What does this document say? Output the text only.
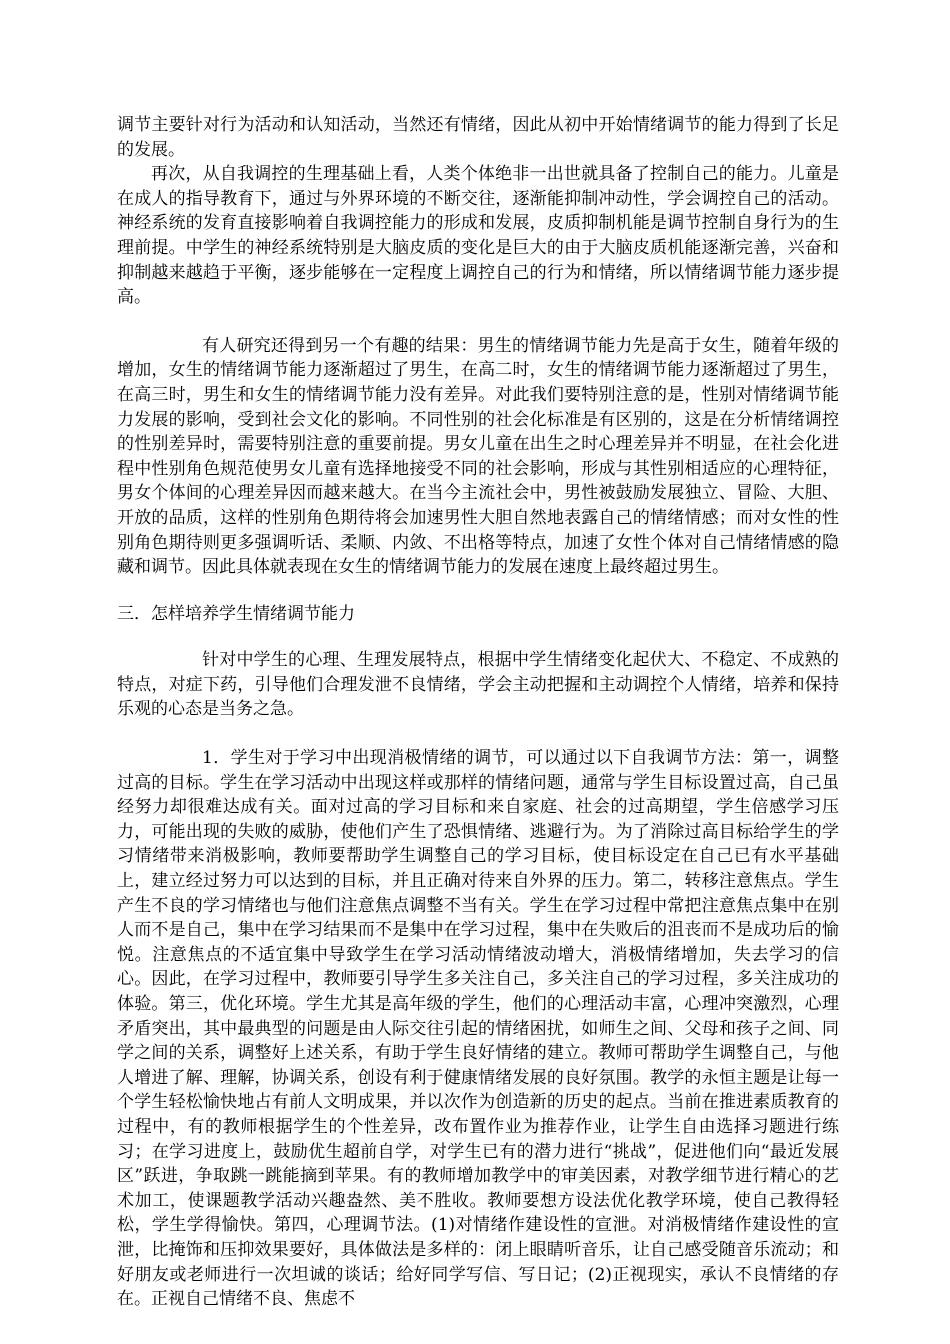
调节主要针对行为活动和认知活动，当然还有情绪，因此从初中开始情绪调节的能力得到了长足的发展。

再次，从自我调控的生理基础上看，人类个体绝非一出世就具备了控制自己的能力。儿童是在成人的指导教育下，通过与外界环境的不断交往，逐渐能抑制冲动性，学会调控自己的活动。神经系统的发育直接影响着自我调控能力的形成和发展，皮质抑制机能是调节控制自身行为的生理前提。中学生的神经系统特别是大脑皮质的变化是巨大的由于大脑皮质机能逐渐完善，兴奋和抑制越来越趋于平衡，逐步能够在一定程度上调控自己的行为和情绪，所以情绪调节能力逐步提高。

有人研究还得到另一个有趣的结果：男生的情绪调节能力先是高于女生，随着年级的增加，女生的情绪调节能力逐渐超过了男生，在高二时，女生的情绪调节能力逐渐超过了男生，在高三时，男生和女生的情绪调节能力没有差异。对此我们要特别注意的是，性别对情绪调节能力发展的影响，受到社会文化的影响。不同性别的社会化标准是有区别的，这是在分析情绪调控的性别差异时，需要特别注意的重要前提。男女儿童在出生之时心理差异并不明显，在社会化进程中性别角色规范使男女儿童有选择地接受不同的社会影响，形成与其性别相适应的心理特征，男女个体间的心理差异因而越来越大。在当今主流社会中，男性被鼓励发展独立、冒险、大胆、开放的品质，这样的性别角色期待将会加速男性大胆自然地表露自己的情绪情感；而对女性的性别角色期待则更多强调听话、柔顺、内敛、不出格等特点，加速了女性个体对自己情绪情感的隐藏和调节。因此具体就表现在女生的情绪调节能力的发展在速度上最终超过男生。

三．怎样培养学生情绪调节能力

针对中学生的心理、生理发展特点，根据中学生情绪变化起伏大、不稳定、不成熟的特点，对症下药，引导他们合理发泄不良情绪，学会主动把握和主动调控个人情绪，培养和保持乐观的心态是当务之急。

1．学生对于学习中出现消极情绪的调节，可以通过以下自我调节方法：第一，调整过高的目标。学生在学习活动中出现这样或那样的情绪问题，通常与学生目标设置过高，自己虽经努力却很难达成有关。面对过高的学习目标和来自家庭、社会的过高期望，学生倍感学习压力，可能出现的失败的威胁，使他们产生了恐惧情绪、逃避行为。为了消除过高目标给学生的学习情绪带来消极影响，教师要帮助学生调整自己的学习目标，使目标设定在自己已有水平基础上，建立经过努力可以达到的目标，并且正确对待来自外界的压力。第二，转移注意焦点。学生产生不良的学习情绪也与他们注意焦点调整不当有关。学生在学习过程中常把注意焦点集中在别人而不是自己，集中在学习结果而不是集中在学习过程，集中在失败后的沮丧而不是成功后的愉悦。注意焦点的不适宜集中导致学生在学习活动情绪波动增大，消极情绪增加，失去学习的信心。因此，在学习过程中，教师要引导学生多关注自己，多关注自己的学习过程，多关注成功的体验。第三，优化环境。学生尤其是高年级的学生，他们的心理活动丰富，心理冲突激烈，心理矛盾突出，其中最典型的问题是由人际交往引起的情绪困扰，如师生之间、父母和孩子之间、同学之间的关系，调整好上述关系，有助于学生良好情绪的建立。教师可帮助学生调整自己，与他人增进了解、理解，协调关系，创设有利于健康情绪发展的良好氛围。教学的永恒主题是让每一个学生轻松愉快地占有前人文明成果，并以次作为创造新的历史的起点。当前在推进素质教育的过程中，有的教师根据学生的个性差异，改布置作业为推荐作业，让学生自由选择习题进行练习；在学习进度上，鼓励优生超前自学，对学生已有的潜力进行“挑战”，促进他们向“最近发展区”跃进，争取跳一跳能摘到苹果。有的教师增加教学中的审美因素，对教学细节进行精心的艺术加工，使课题教学活动兴趣盎然、美不胜收。教师要想方设法优化教学环境，使自己教得轻松，学生学得愉快。第四，心理调节法。(1)对情绪作建设性的宣泄。对消极情绪作建设性的宣泄，比掩饰和压抑效果要好，具体做法是多样的：闭上眼睛听音乐，让自己感受随音乐流动；和好朋友或老师进行一次坦诚的谈话；给好同学写信、写日记；(2)正视现实，承认不良情绪的存在。正视自己情绪不良、焦虑不
